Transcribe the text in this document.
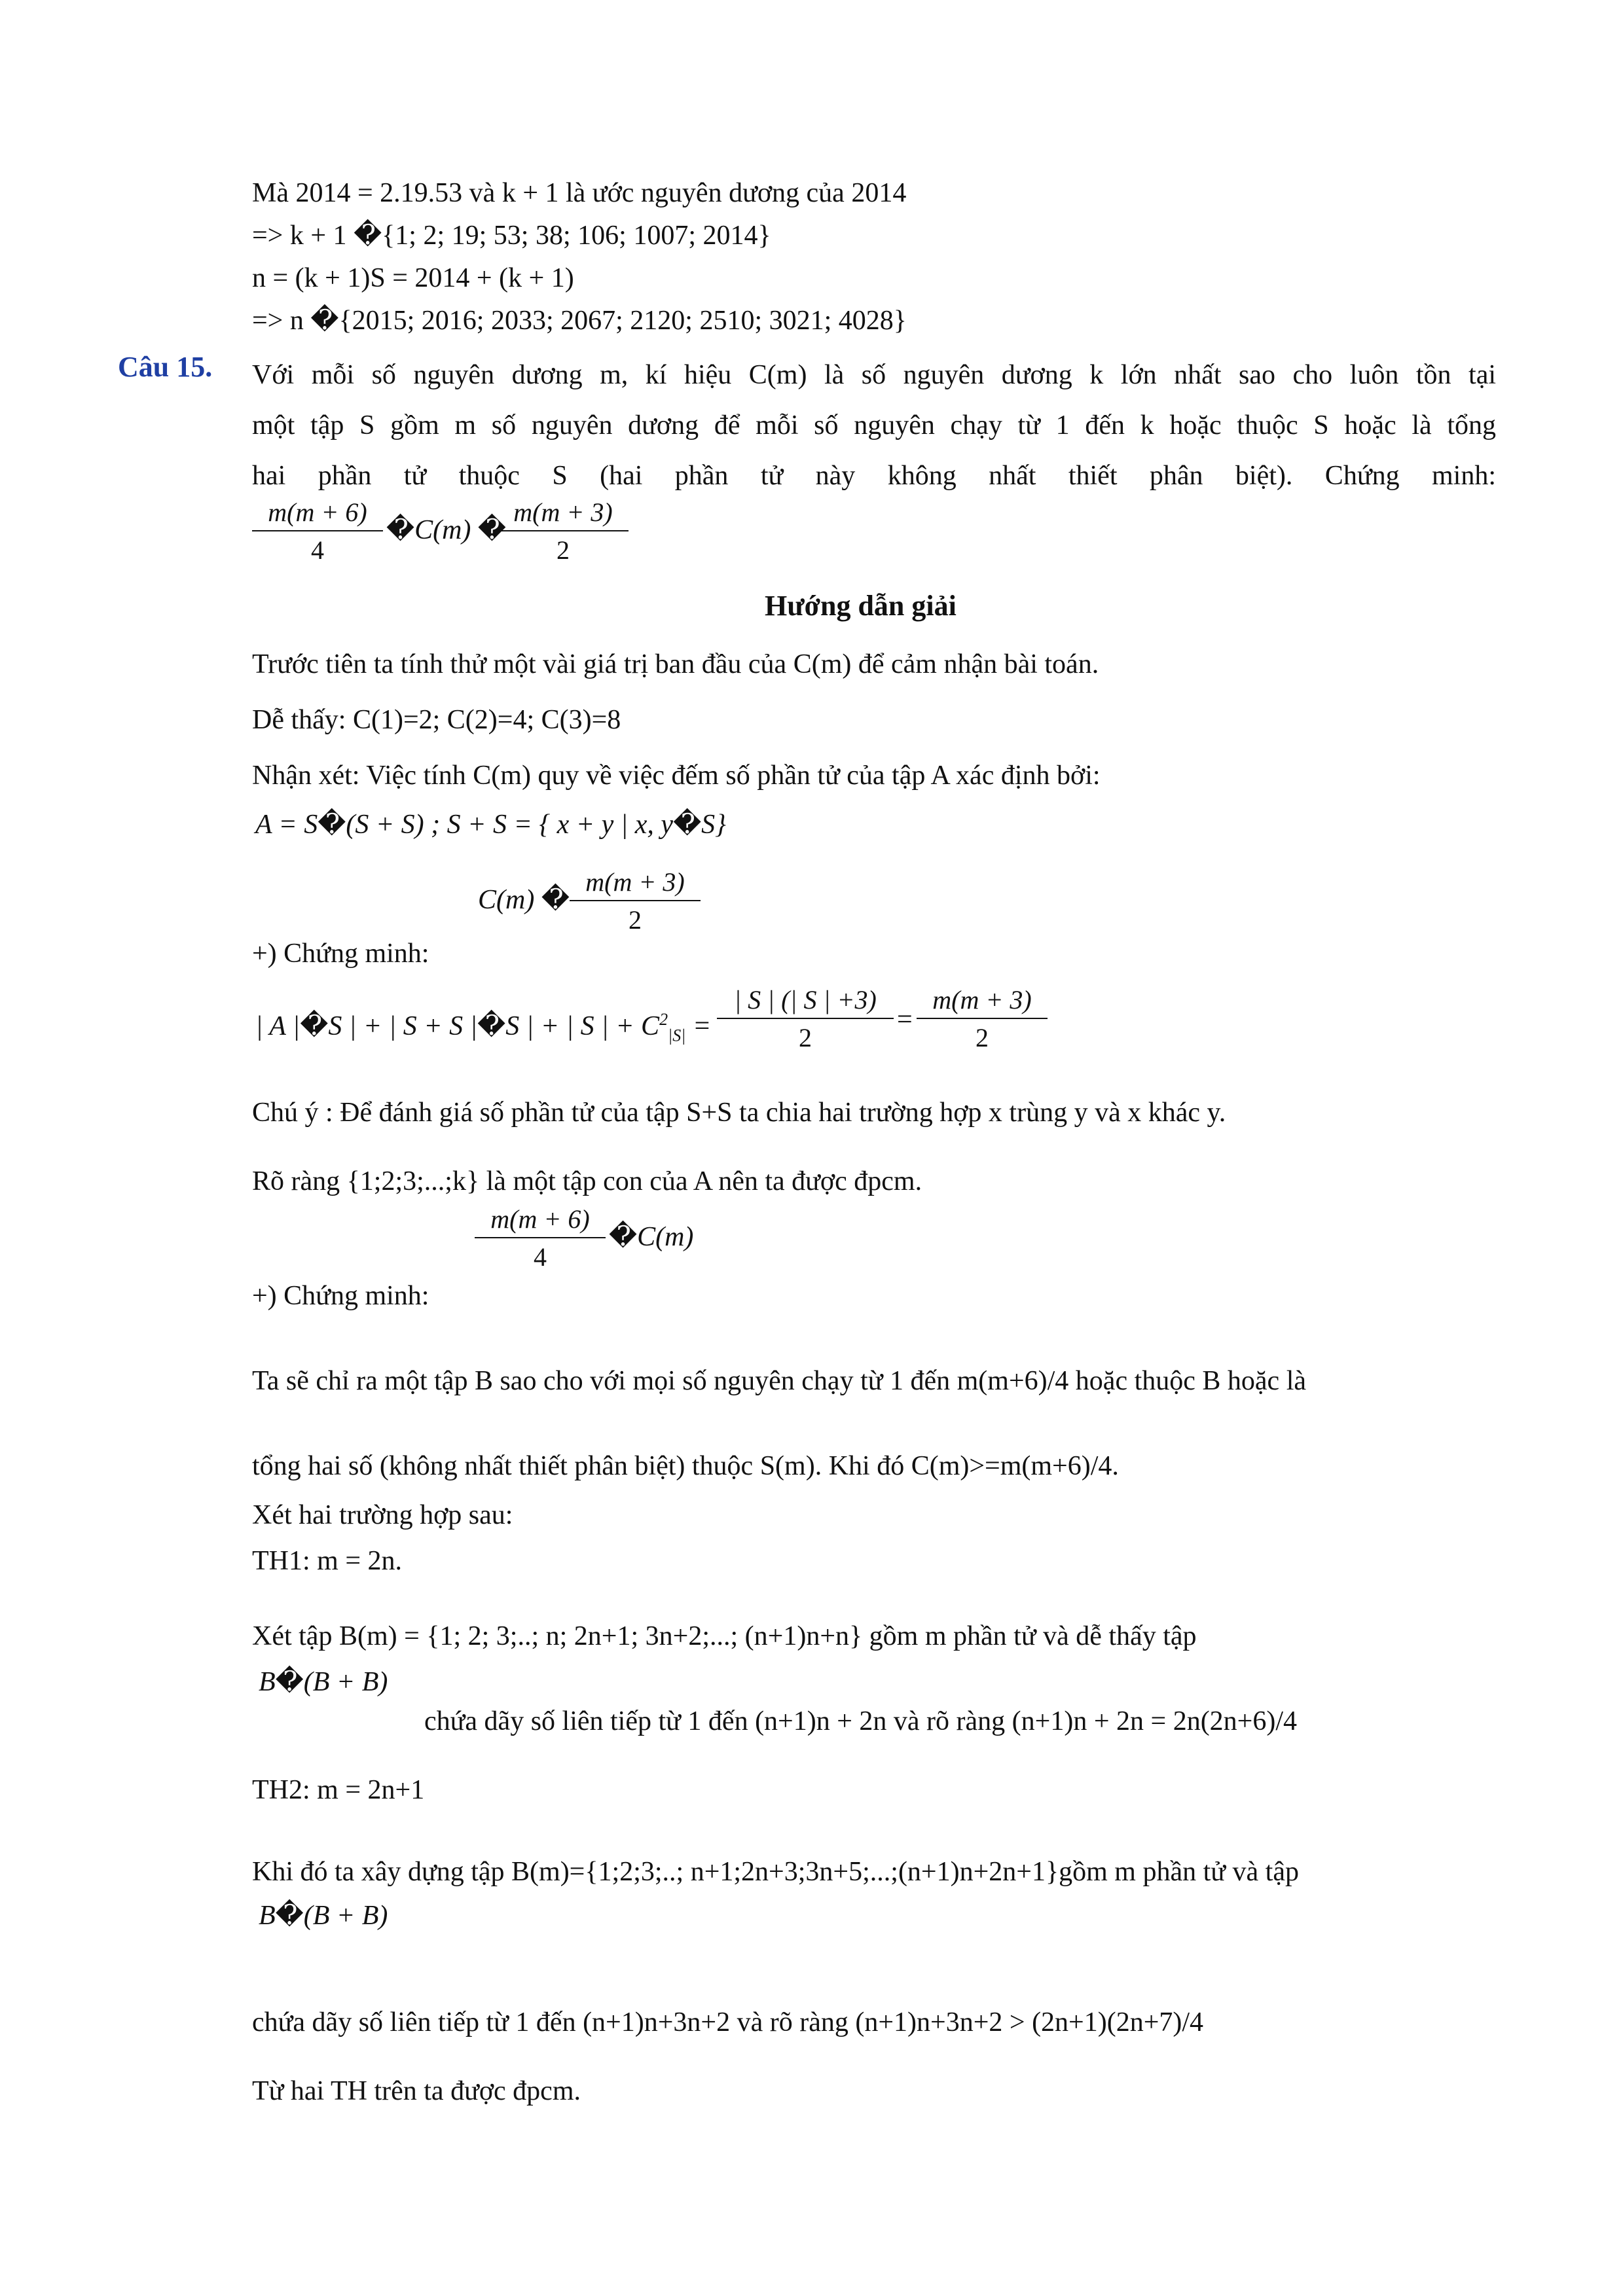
Mà 2014 = 2.19.53 và k + 1 là ước nguyên dương của 2014
=> k + 1 �{1; 2; 19; 53; 38; 106; 1007; 2014}
n = (k + 1)S = 2014 + (k + 1)
=> n �{2015; 2016; 2033; 2067; 2120; 2510; 3021; 4028}
Câu 15. Với mỗi số nguyên dương m, kí hiệu C(m) là số nguyên dương k lớn nhất sao cho luôn tồn tại
một tập S gồm m số nguyên dương để mỗi số nguyên chạy từ 1 đến k hoặc thuộc S hoặc là tổng
hai phần tử thuộc S (hai phần tử này không nhất thiết phân biệt). Chứng minh:
$\frac{m(m + 6)}{4}$ �C(m) �
$\frac{m(m + 3)}{2}$
Hướng dẫn giải
Trước tiên ta tính thử một vài giá trị ban đầu của C(m) để cảm nhận bài toán.
Dễ thấy: C(1)=2; C(2)=4; C(3)=8
Nhận xét: Việc tính C(m) quy về việc đếm số phần tử của tập A xác định bởi:
A = S�(S + S) ; S + S = { x + y | x, y�S}
C(m) � $\frac{m(m + 3)}{2}$
+) Chứng minh:
| A |�S | + | S + S |�S | + | S | + $C^2_{|S|} = \frac{| S | (| S | +3)}{2} = \frac{m(m + 3)}{2}$
Chú ý : Để đánh giá số phần tử của tập S+S ta chia hai trường hợp x trùng y và x khác y.
Rõ ràng {1;2;3;...;k} là một tập con của A nên ta được đpcm.
$\frac{m(m + 6)}{4}$ �C(m)
+) Chứng minh:
Ta sẽ chỉ ra một tập B sao cho với mọi số nguyên chạy từ 1 đến m(m+6)/4 hoặc thuộc B hoặc là
tổng hai số (không nhất thiết phân biệt) thuộc S(m). Khi đó C(m)>=m(m+6)/4.
Xét hai trường hợp sau:
TH1: m = 2n.
Xét tập B(m) = {1; 2; 3;..; n; 2n+1; 3n+2;...; (n+1)n+n} gồm m phần tử và dễ thấy tập
B�(B + B)
chứa dãy số liên tiếp từ 1 đến (n+1)n + 2n và rõ ràng (n+1)n + 2n = 2n(2n+6)/4
TH2: m = 2n+1
Khi đó ta xây dựng tập B(m)={1;2;3;..; n+1;2n+3;3n+5;...;(n+1)n+2n+1}gồm m phần tử và tập
B�(B + B)
chứa dãy số liên tiếp từ 1 đến (n+1)n+3n+2 và rõ ràng (n+1)n+3n+2 > (2n+1)(2n+7)/4
Từ hai TH trên ta được đpcm.
